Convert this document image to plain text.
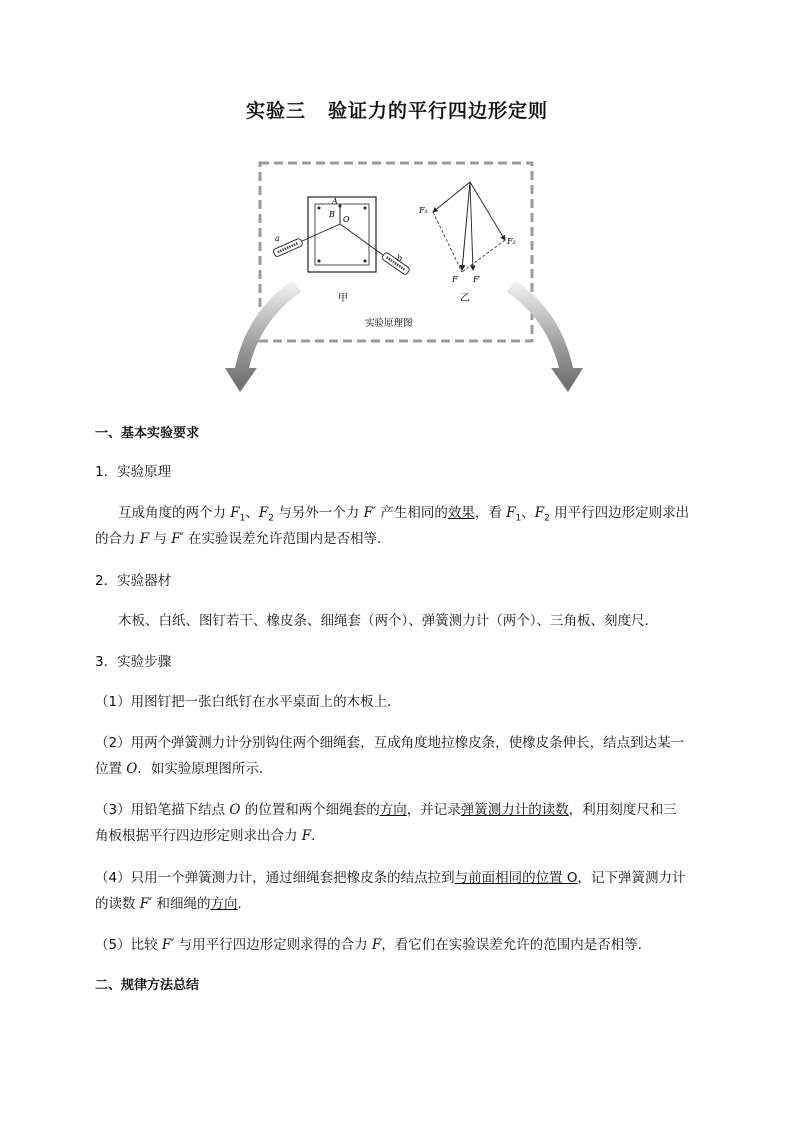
实验三 验证力的平行四边形定则
A
B
O
a
b
甲
F₁
F₂
F F′
乙
实验原理图
一、基本实验要求
1．实验原理
互成角度的两个力 $F_1$、$F_2$ 与另外一个力 F′ 产生相同的效果，看 $F_1$、$F_2$ 用平行四边形定则求出
的合力 F 与 F′ 在实验误差允许范围内是否相等．
2．实验器材
木板、白纸、图钉若干、橡皮条、细绳套（两个）、弹簧测力计（两个）、三角板、刻度尺．
3．实验步骤
（1）用图钉把一张白纸钉在水平桌面上的木板上．
（2）用两个弹簧测力计分别钩住两个细绳套，互成角度地拉橡皮条，使橡皮条伸长，结点到达某一
位置 O．如实验原理图所示．
（3）用铅笔描下结点 O 的位置和两个细绳套的方向，并记录弹簧测力计的读数，利用刻度尺和三
角板根据平行四边形定则求出合力 F.
（4）只用一个弹簧测力计，通过细绳套把橡皮条的结点拉到与前面相同的位置 O，记下弹簧测力计
的读数 F′ 和细绳的方向．
（5）比较 F′ 与用平行四边形定则求得的合力 F，看它们在实验误差允许的范围内是否相等．
二、规律方法总结
